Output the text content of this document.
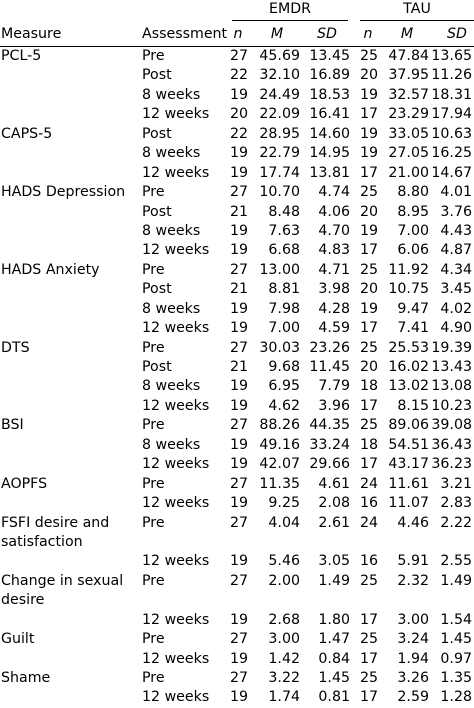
EMDR	TAU
Measure	Assessment n	M	SD	n	M	SD
PCL-5	Pre	27 45.69 13.45 25 47.84 13.65
Post	22 32.10 16.89 20 37.95 11.26
8 weeks	19 24.49 18.53 19 32.57 18.31
12 weeks	20 22.09 16.41 17 23.29 17.94
CAPS-5	Post	22 28.95 14.60 19 33.05 10.63
8 weeks	19 22.79 14.95 19 27.05 16.25
12 weeks	19 17.74 13.81 17 21.00 14.67
HADS Depression Pre	27 10.70	4.74 25	8.80 4.01
Post	21	8.48	4.06 20	8.95 3.76
8 weeks	19	7.63	4.70 19	7.00 4.43
12 weeks	19	6.68	4.83 17	6.06 4.87
HADS Anxiety	Pre	27 13.00	4.71 25 11.92 4.34
Post	21	8.81	3.98 20 10.75 3.45
8 weeks	19	7.98	4.28 19	9.47 4.02
12 weeks	19	7.00	4.59 17	7.41 4.90
DTS	Pre	27 30.03 23.26 25 25.53 19.39
Post	21	9.68 11.45 20 16.02 13.43
8 weeks	19	6.95	7.79 18 13.02 13.08
12 weeks	19	4.62	3.96 17	8.15 10.23
BSI	Pre	27 88.26 44.35 25 89.06 39.08
8 weeks	19 49.16 33.24 18 54.51 36.43
12 weeks	19 42.07 29.66 17 43.17 36.23
AOPFS	Pre	27 11.35	4.61 24 11.61 3.21
12 weeks	19	9.25	2.08 16 11.07 2.83
FSFI desire and satisfaction
Pre	27	4.04	2.61 24	4.46 2.22
12 weeks	19	5.46	3.05 16	5.91 2.55
Change in sexual desire
Pre	27	2.00	1.49 25	2.32 1.49
12 weeks	19	2.68	1.80 17	3.00 1.54
Guilt	Pre	27	3.00	1.47 25	3.24 1.45
12 weeks	19	1.42	0.84 17	1.94 0.97
Shame	Pre	27	3.22	1.45 25	3.26 1.35
12 weeks	19	1.74	0.81 17	2.59 1.28
